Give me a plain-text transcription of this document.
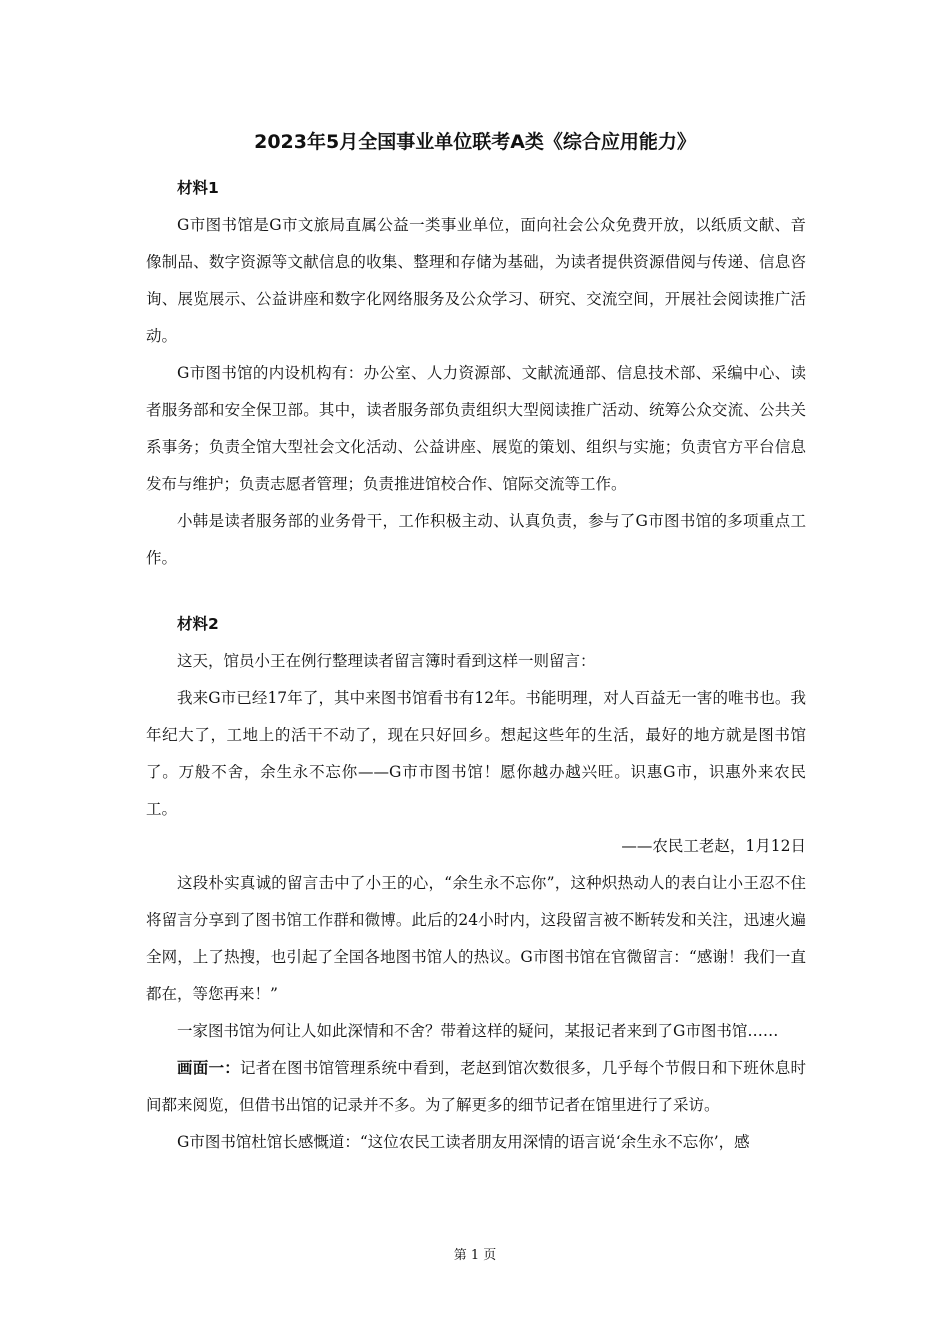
2023年5月全国事业单位联考A类《综合应用能力》

材料1

G市图书馆是G市文旅局直属公益一类事业单位，面向社会公众免费开放，以纸质文献、音像制品、数字资源等文献信息的收集、整理和存储为基础，为读者提供资源借阅与传递、信息咨询、展览展示、公益讲座和数字化网络服务及公众学习、研究、交流空间，开展社会阅读推广活动。

G市图书馆的内设机构有：办公室、人力资源部、文献流通部、信息技术部、采编中心、读者服务部和安全保卫部。其中，读者服务部负责组织大型阅读推广活动、统筹公众交流、公共关系事务；负责全馆大型社会文化活动、公益讲座、展览的策划、组织与实施；负责官方平台信息发布与维护；负责志愿者管理；负责推进馆校合作、馆际交流等工作。

小韩是读者服务部的业务骨干，工作积极主动、认真负责，参与了G市图书馆的多项重点工作。

材料2

这天，馆员小王在例行整理读者留言簿时看到这样一则留言：

我来G市已经17年了，其中来图书馆看书有12年。书能明理，对人百益无一害的唯书也。我年纪大了，工地上的活干不动了，现在只好回乡。想起这些年的生活，最好的地方就是图书馆了。万般不舍，余生永不忘你——G市市图书馆！愿你越办越兴旺。识惠G市，识惠外来农民工。

——农民工老赵，1月12日

这段朴实真诚的留言击中了小王的心，“余生永不忘你”，这种炽热动人的表白让小王忍不住将留言分享到了图书馆工作群和微博。此后的24小时内，这段留言被不断转发和关注，迅速火遍全网，上了热搜，也引起了全国各地图书馆人的热议。G市图书馆在官微留言：“感谢！我们一直都在，等您再来！”

一家图书馆为何让人如此深情和不舍？带着这样的疑问，某报记者来到了G市图书馆……

画面一：记者在图书馆管理系统中看到，老赵到馆次数很多，几乎每个节假日和下班休息时间都来阅览，但借书出馆的记录并不多。为了解更多的细节记者在馆里进行了采访。

G市图书馆杜馆长感慨道：“这位农民工读者朋友用深情的语言说‘余生永不忘你’，感

第 1 页
